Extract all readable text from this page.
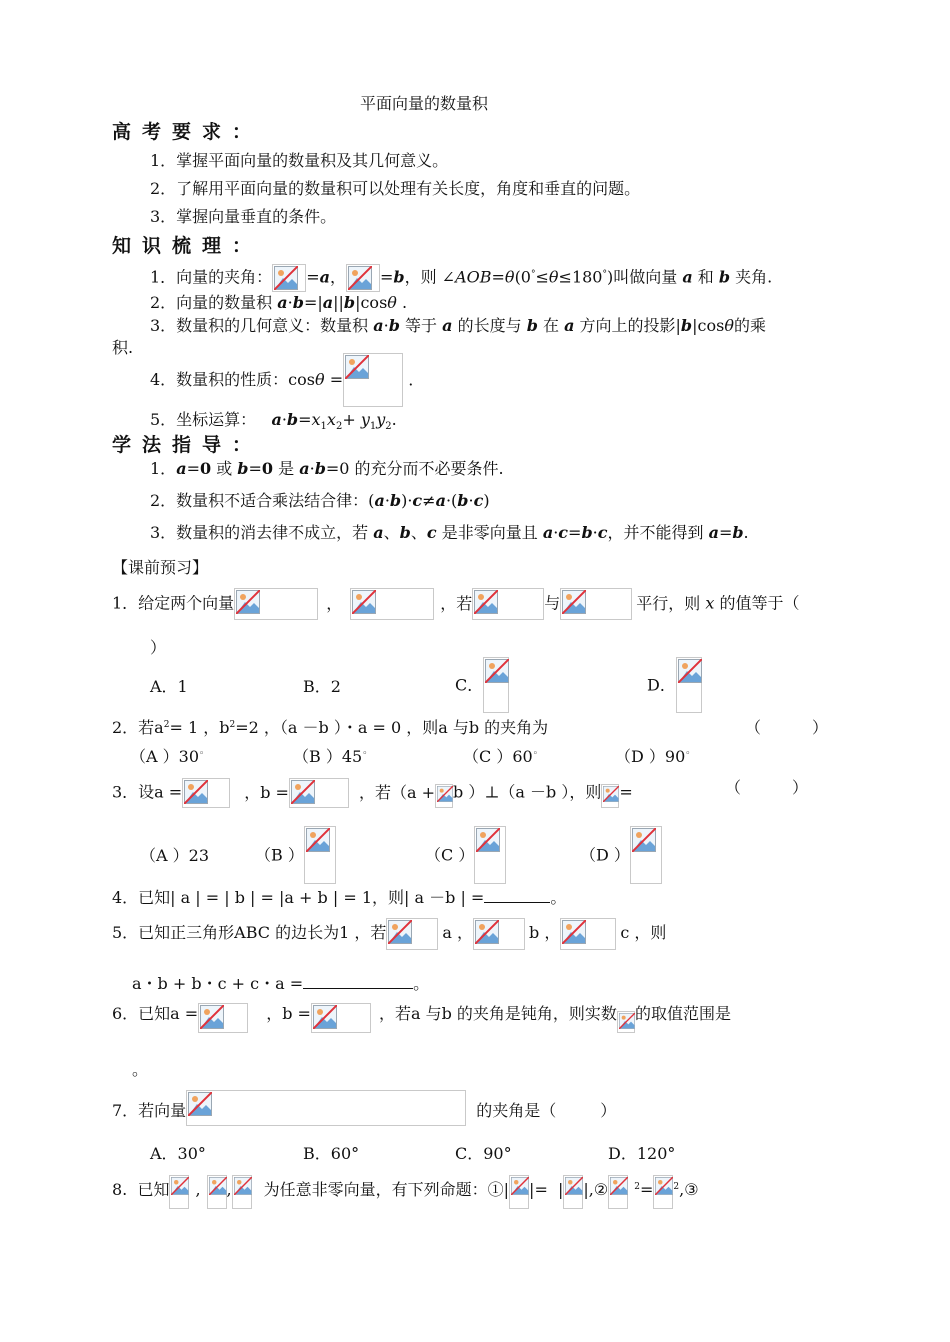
平面向量的数量积
高考要求：
1．掌握平面向量的数量积及其几何意义。
2．了解用平面向量的数量积可以处理有关长度，角度和垂直的问题。
3．掌握向量垂直的条件。
知识梳理：
1．向量的夹角： =a， =b，则 ∠AOB=θ(0°≤θ≤180°)叫做向量 a 和 b 夹角.
2．向量的数量积 a·b=|a||b|cosθ .
3．数量积的几何意义：数量积 a·b 等于 a 的长度与 b 在 a 方向上的投影|b|cosθ的乘
积.
4．数量积的性质：cosθ =	.
5．坐标运算：   $a\cdot b=x_1x_2+ y_1y_2$.
学法指导：
1．a=0 或 b=0 是 a·b=0 的充分而不必要条件.
2．数量积不适合乘法结合律：(a·b)·c≠a·(b·c)
3．数量积的消去律不成立，若 a、b、c 是非零向量且 a·c=b·c，并不能得到 a=b.
【课前预习】
1．给定两个向量	，	，若	与	平行，则 x 的值等于（
）
A．1	B．2	C．	D．
2．若$a^2= 1$ ，$b^2=2$ ，（a －b ）・a = 0 ，则a 与b 的夹角为	（	）
（A ）30◦	（B ）45◦	（C ）60◦	（D ）90◦
3．设a =	，b =	，若（a + b ）⊥（a －b ），则 =	（	）
（A ）23	（B ）	（C ）	（D ）
4．已知| a | = | b | = |a + b | = 1，则| a －b | =	。
5．已知正三角形ABC 的边长为1 ，若	a ，	b ，	c ，则
a・b + b・c + c・a =	。
6．已知a =	，b =	，若a 与b 的夹角是钝角，则实数 的取值范围是
。
7．若向量	的夹角是（	）
A．30°	B．60°	C．90°	D．120°
8.  已知 , , 为任意非零向量，有下列命题：①| |=  | |,②	$^2$= $^2$,③
